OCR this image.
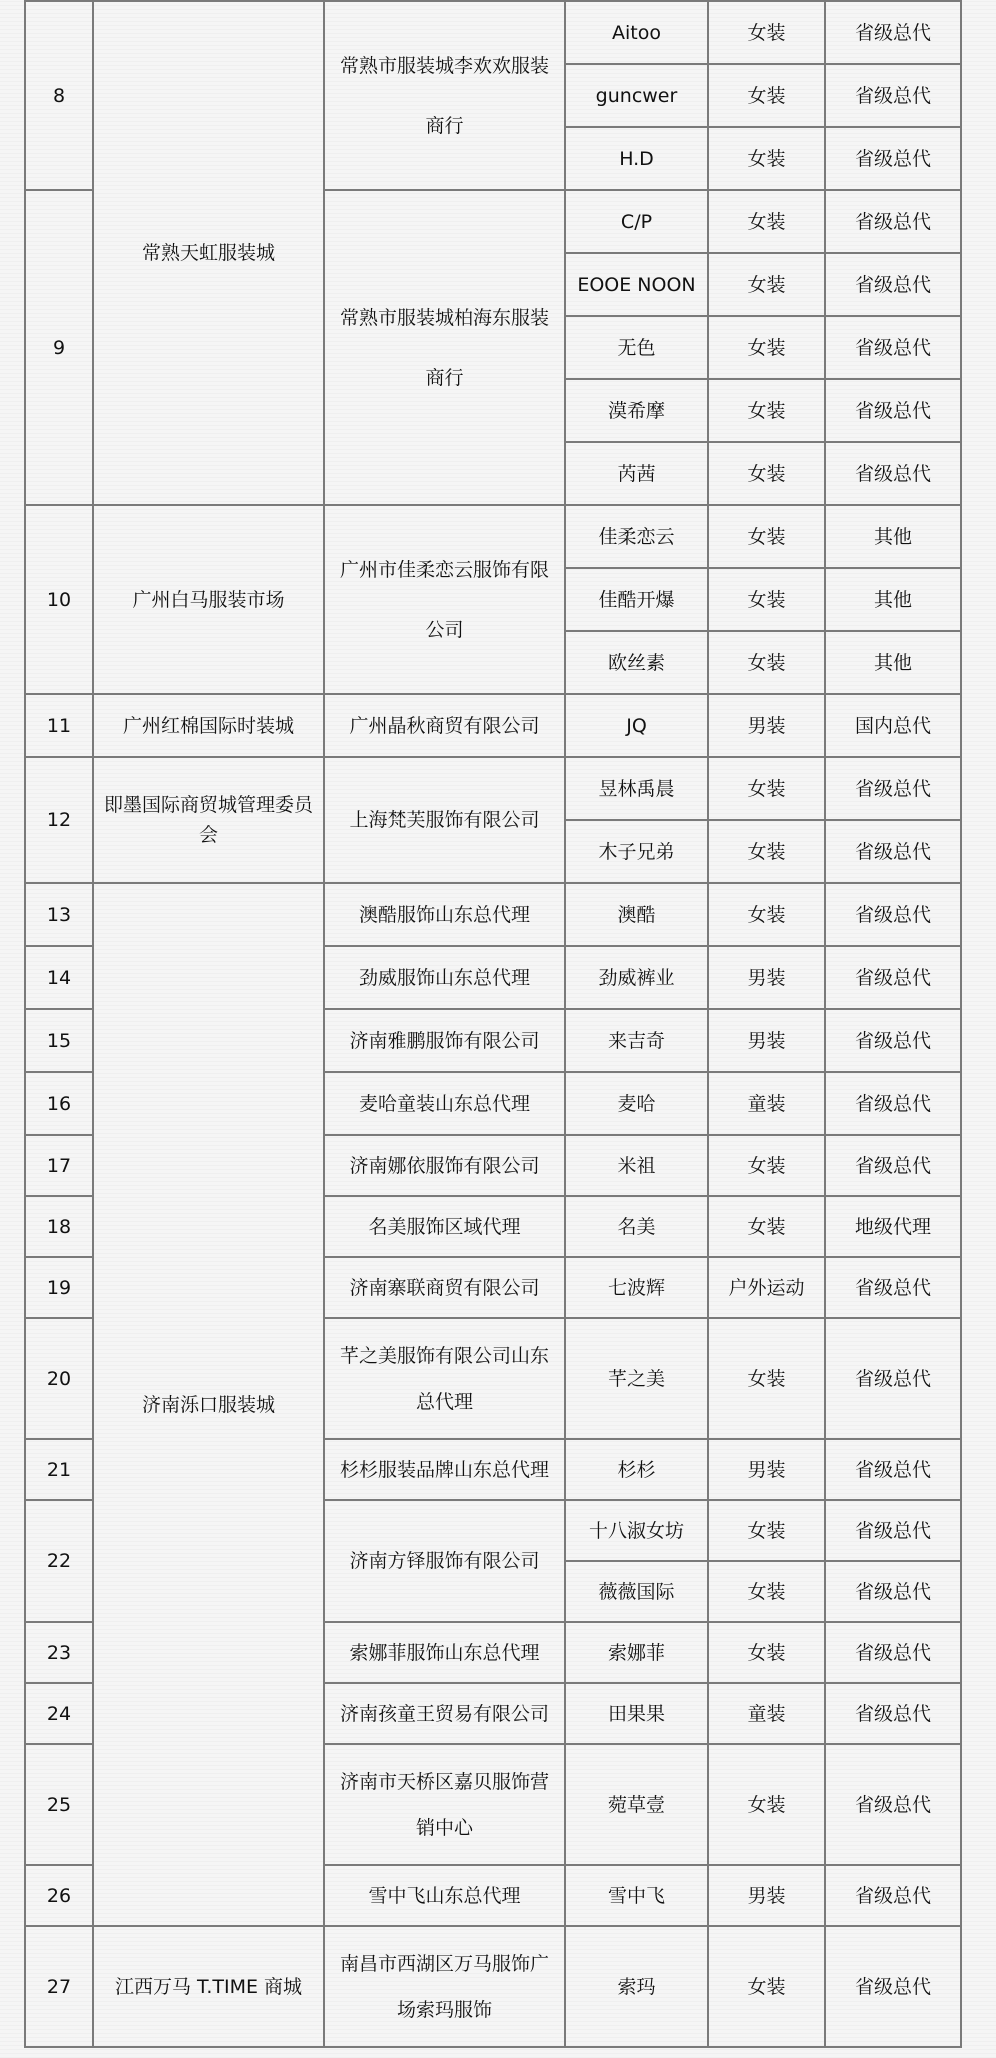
8	常熟天虹服装城	常熟市服装城李欢欢服装商行	Aitoo	女装	省级总代
			guncwer	女装	省级总代
			H.D	女装	省级总代
9		常熟市服装城柏海东服装商行	C/P	女装	省级总代
			EOOE NOON	女装	省级总代
			无色	女装	省级总代
			漠希摩	女装	省级总代
			芮茜	女装	省级总代
10	广州白马服装市场	广州市佳柔恋云服饰有限公司	佳柔恋云	女装	其他
			佳酷开爆	女装	其他
			欧丝素	女装	其他
11	广州红棉国际时装城	广州晶秋商贸有限公司	JQ	男装	国内总代
12	即墨国际商贸城管理委员会	上海梵芙服饰有限公司	昱林禹晨	女装	省级总代
			木子兄弟	女装	省级总代
13	济南泺口服装城	澳酷服饰山东总代理	澳酷	女装	省级总代
14		劲威服饰山东总代理	劲威裤业	男装	省级总代
15		济南雅鹏服饰有限公司	来吉奇	男装	省级总代
16		麦哈童装山东总代理	麦哈	童装	省级总代
17		济南娜依服饰有限公司	米祖	女装	省级总代
18		名美服饰区域代理	名美	女装	地级代理
19		济南寨联商贸有限公司	七波辉	户外运动	省级总代
20		芊之美服饰有限公司山东总代理	芊之美	女装	省级总代
21		杉杉服装品牌山东总代理	杉杉	男装	省级总代
22		济南方铎服饰有限公司	十八淑女坊	女装	省级总代
			薇薇国际	女装	省级总代
23		索娜菲服饰山东总代理	索娜菲	女装	省级总代
24		济南孩童王贸易有限公司	田果果	童装	省级总代
25		济南市天桥区嘉贝服饰营销中心	菀草壹	女装	省级总代
26		雪中飞山东总代理	雪中飞	男装	省级总代
27	江西万马 T.TIME 商城	南昌市西湖区万马服饰广场索玛服饰	索玛	女装	省级总代
